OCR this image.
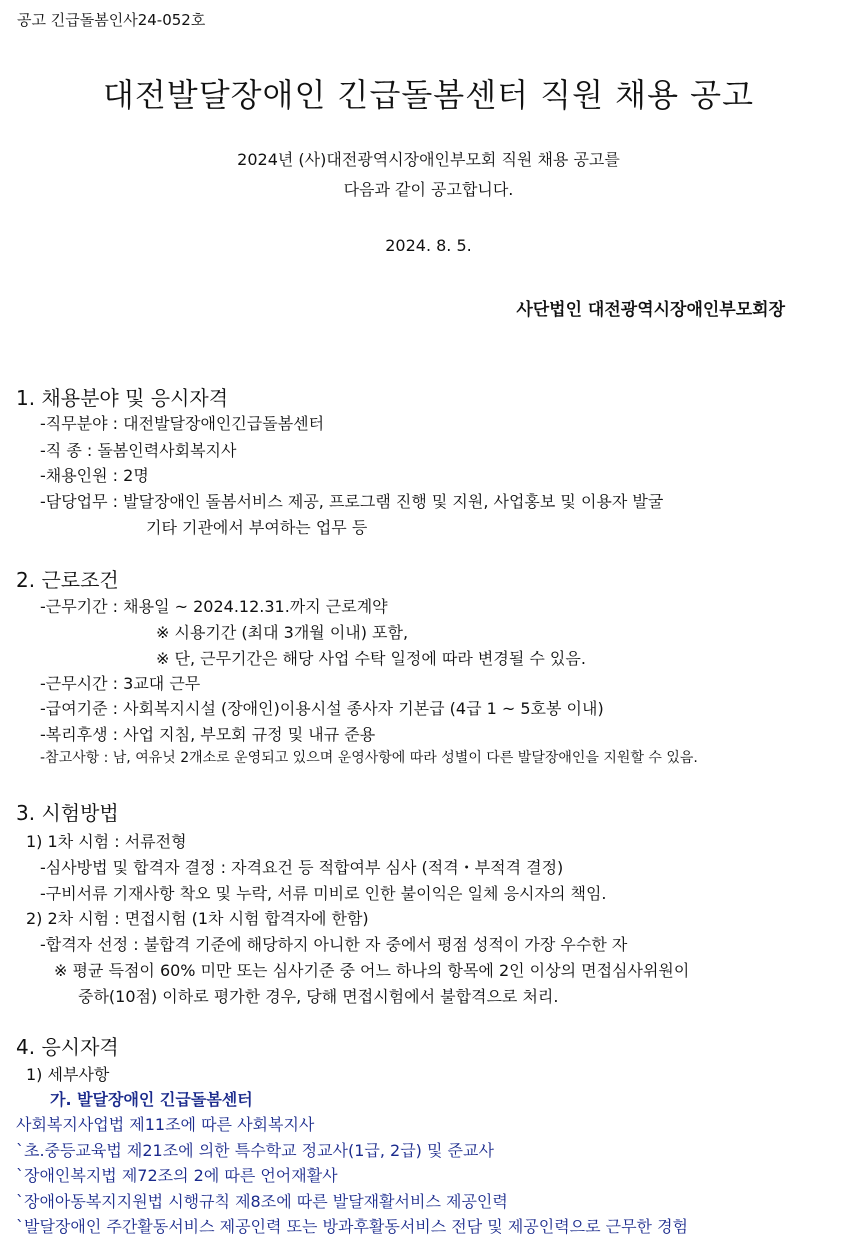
공고 긴급돌봄인사24-052호
대전발달장애인 긴급돌봄센터 직원 채용 공고
2024년 (사)대전광역시장애인부모회 직원 채용 공고를
다음과 같이 공고합니다.
2024. 8. 5.
사단법인 대전광역시장애인부모회장
1. 채용분야 및 응시자격
-직무분야 : 대전발달장애인긴급돌봄센터
-직 종 : 돌봄인력사회복지사
-채용인원 : 2명
-담당업무 : 발달장애인 돌봄서비스 제공, 프로그램 진행 및 지원, 사업홍보 및 이용자 발굴
기타 기관에서 부여하는 업무 등
2. 근로조건
-근무기간 : 채용일 ~ 2024.12.31.까지 근로계약
※ 시용기간 (최대 3개월 이내) 포함,
※ 단, 근무기간은 해당 사업 수탁 일정에 따라 변경될 수 있음.
-근무시간 : 3교대 근무
-급여기준 : 사회복지시설 (장애인)이용시설 종사자 기본급 (4급 1 ~ 5호봉 이내)
-복리후생 : 사업 지침, 부모회 규정 및 내규 준용
-참고사항 : 남, 여유닛 2개소로 운영되고 있으며 운영사항에 따라 성별이 다른 발달장애인을 지원할 수 있음.
3. 시험방법
1) 1차 시험 : 서류전형
-심사방법 및 합격자 결정 : 자격요건 등 적합여부 심사 (적격・부적격 결정)
-구비서류 기재사항 착오 및 누락, 서류 미비로 인한 불이익은 일체 응시자의 책임.
2) 2차 시험 : 면접시험 (1차 시험 합격자에 한함)
-합격자 선정 : 불합격 기준에 해당하지 아니한 자 중에서 평점 성적이 가장 우수한 자
※ 평균 득점이 60% 미만 또는 심사기준 중 어느 하나의 항목에 2인 이상의 면접심사위원이
중하(10점) 이하로 평가한 경우, 당해 면접시험에서 불합격으로 처리.
4. 응시자격
1) 세부사항
가. 발달장애인 긴급돌봄센터
사회복지사업법 제11조에 따른 사회복지사
`초.중등교육법 제21조에 의한 특수학교 정교사(1급, 2급) 및 준교사
`장애인복지법 제72조의 2에 따른 언어재활사
`장애아동복지지원법 시행규칙 제8조에 따른 발달재활서비스 제공인력
`발달장애인 주간활동서비스 제공인력 또는 방과후활동서비스 전담 및 제공인력으로 근무한 경험
